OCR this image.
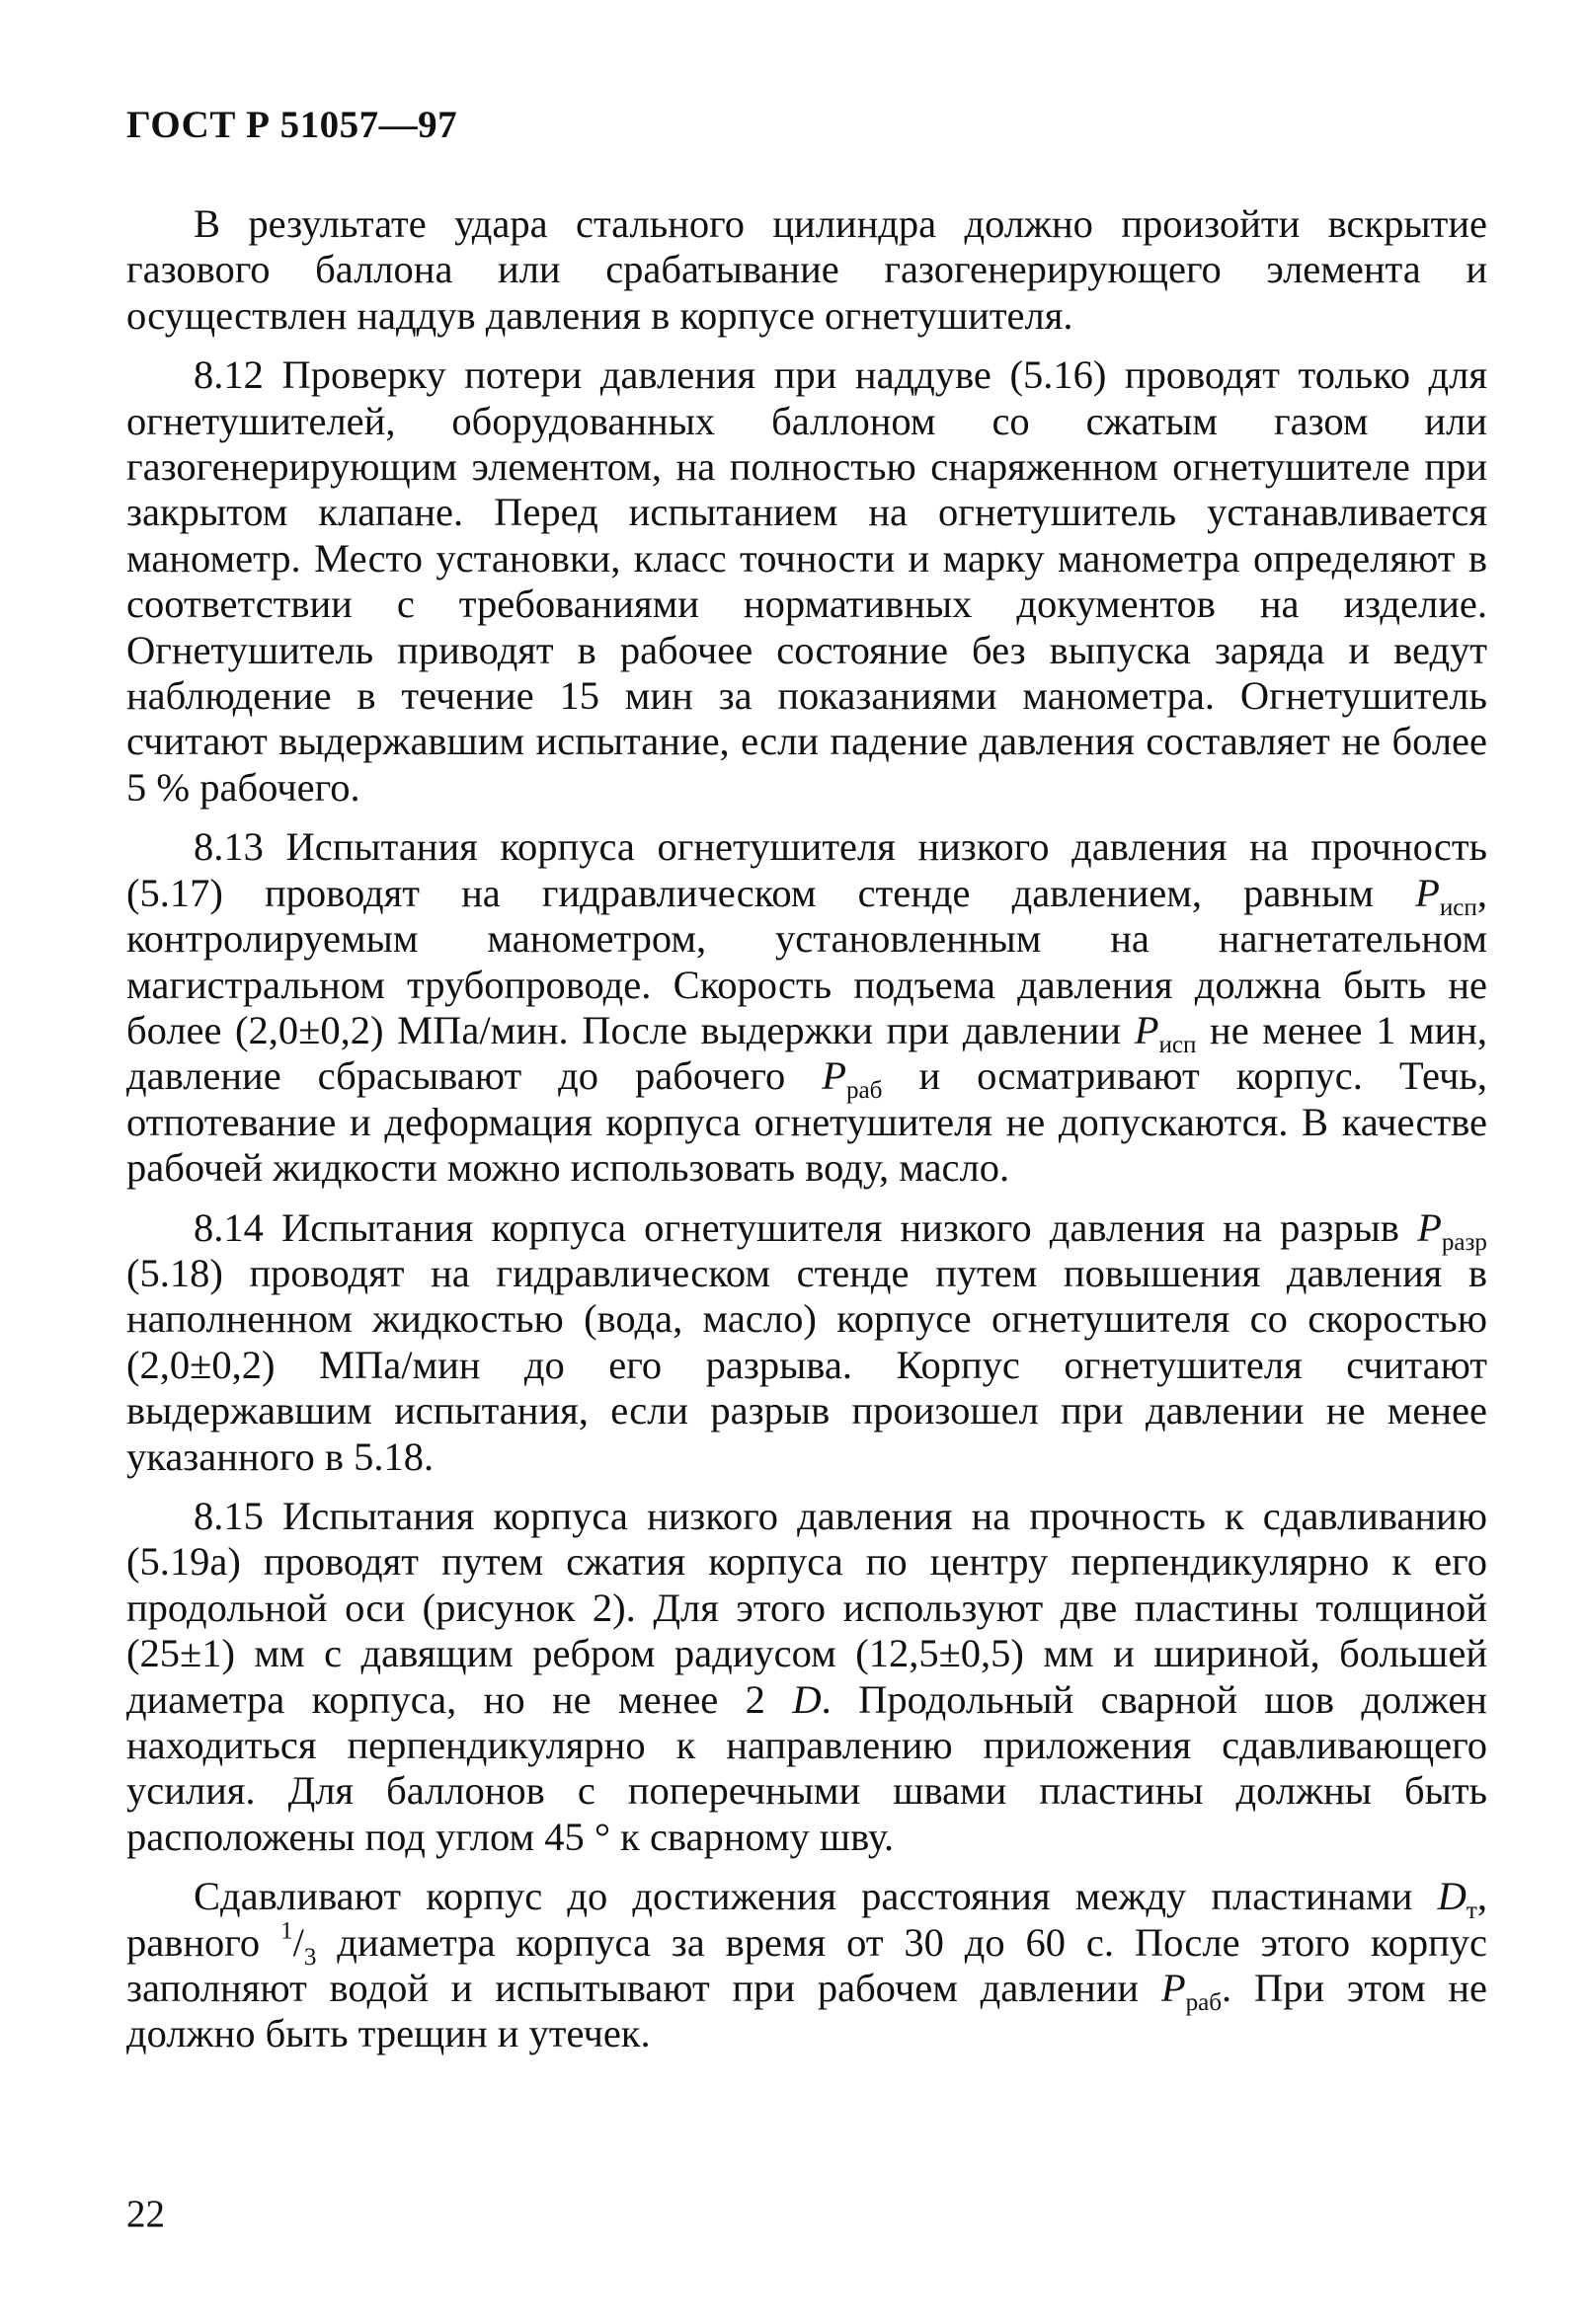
ГОСТ Р 51057—97

В результате удара стального цилиндра должно произойти вскрытие газового баллона или срабатывание газогенерирующего элемента и осуществлен наддув давления в корпусе огнетушителя.

8.12 Проверку потери давления при наддуве (5.16) проводят только для огнетушителей, оборудованных баллоном со сжатым газом или газогенерирующим элементом, на полностью снаряженном огнетушителе при закрытом клапане. Перед испытанием на огнетушитель устанавливается манометр. Место установки, класс точности и марку манометра определяют в соответствии с требованиями нормативных документов на изделие. Огнетушитель приводят в рабочее состояние без выпуска заряда и ведут наблюдение в течение 15 мин за показаниями манометра. Огнетушитель считают выдержавшим испытание, если падение давления составляет не более 5 % рабочего.

8.13 Испытания корпуса огнетушителя низкого давления на прочность (5.17) проводят на гидравлическом стенде давлением, равным $P_{исп}$, контролируемым манометром, установленным на нагнетательном магистральном трубопроводе. Скорость подъема давления должна быть не более (2,0±0,2) МПа/мин. После выдержки при давлении $P_{исп}$ не менее 1 мин, давление сбрасывают до рабочего $P_{раб}$ и осматривают корпус. Течь, отпотевание и деформация корпуса огнетушителя не допускаются. В качестве рабочей жидкости можно использовать воду, масло.

8.14 Испытания корпуса огнетушителя низкого давления на разрыв $P_{разр}$ (5.18) проводят на гидравлическом стенде путем повышения давления в наполненном жидкостью (вода, масло) корпусе огнетушителя со скоростью (2,0±0,2) МПа/мин до его разрыва. Корпус огнетушителя считают выдержавшим испытания, если разрыв произошел при давлении не менее указанного в 5.18.

8.15 Испытания корпуса низкого давления на прочность к сдавливанию (5.19а) проводят путем сжатия корпуса по центру перпендикулярно к его продольной оси (рисунок 2). Для этого используют две пластины толщиной (25±1) мм с давящим ребром радиусом (12,5±0,5) мм и шириной, большей диаметра корпуса, но не менее 2 D. Продольный сварной шов должен находиться перпендикулярно к направлению приложения сдавливающего усилия. Для баллонов с поперечными швами пластины должны быть расположены под углом 45 ° к сварному шву.

Сдавливают корпус до достижения расстояния между пластинами $D_т$, равного $^1/_3$ диаметра корпуса за время от 30 до 60 с. После этого корпус заполняют водой и испытывают при рабочем давлении $P_{раб}$. При этом не должно быть трещин и утечек.

22
